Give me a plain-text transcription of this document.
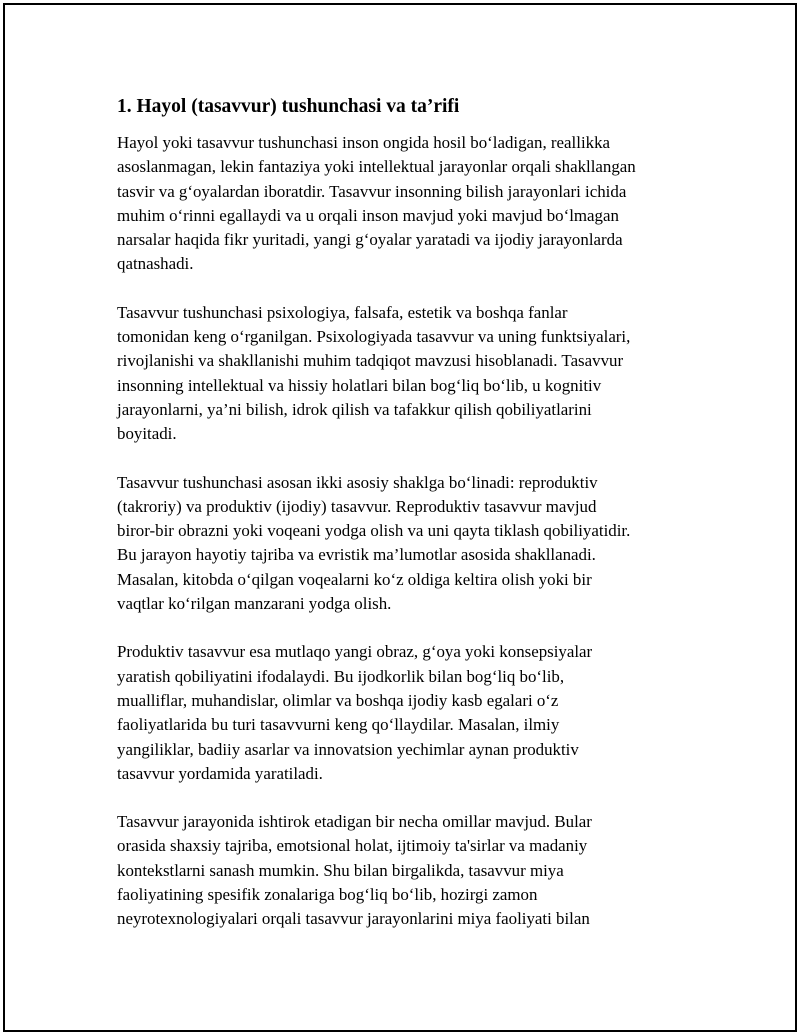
1. Hayol (tasavvur) tushunchasi va ta’rifi

Hayol yoki tasavvur tushunchasi inson ongida hosil bo‘ladigan, reallikka
asoslanmagan, lekin fantaziya yoki intellektual jarayonlar orqali shakllangan
tasvir va g‘oyalardan iboratdir. Tasavvur insonning bilish jarayonlari ichida
muhim o‘rinni egallaydi va u orqali inson mavjud yoki mavjud bo‘lmagan
narsalar haqida fikr yuritadi, yangi g‘oyalar yaratadi va ijodiy jarayonlarda
qatnashadi.

Tasavvur tushunchasi psixologiya, falsafa, estetik va boshqa fanlar
tomonidan keng o‘rganilgan. Psixologiyada tasavvur va uning funktsiyalari,
rivojlanishi va shakllanishi muhim tadqiqot mavzusi hisoblanadi. Tasavvur
insonning intellektual va hissiy holatlari bilan bog‘liq bo‘lib, u kognitiv
jarayonlarni, ya’ni bilish, idrok qilish va tafakkur qilish qobiliyatlarini
boyitadi.

Tasavvur tushunchasi asosan ikki asosiy shaklga bo‘linadi: reproduktiv
(takroriy) va produktiv (ijodiy) tasavvur. Reproduktiv tasavvur mavjud
biror-bir obrazni yoki voqeani yodga olish va uni qayta tiklash qobiliyatidir.
Bu jarayon hayotiy tajriba va evristik ma’lumotlar asosida shakllanadi.
Masalan, kitobda o‘qilgan voqealarni ko‘z oldiga keltira olish yoki bir
vaqtlar ko‘rilgan manzarani yodga olish.

Produktiv tasavvur esa mutlaqo yangi obraz, g‘oya yoki konsepsiyalar
yaratish qobiliyatini ifodalaydi. Bu ijodkorlik bilan bog‘liq bo‘lib,
mualliflar, muhandislar, olimlar va boshqa ijodiy kasb egalari o‘z
faoliyatlarida bu turi tasavvurni keng qo‘llaydilar. Masalan, ilmiy
yangiliklar, badiiy asarlar va innovatsion yechimlar aynan produktiv
tasavvur yordamida yaratiladi.

Tasavvur jarayonida ishtirok etadigan bir necha omillar mavjud. Bular
orasida shaxsiy tajriba, emotsional holat, ijtimoiy ta'sirlar va madaniy
kontekstlarni sanash mumkin. Shu bilan birgalikda, tasavvur miya
faoliyatining spesifik zonalariga bog‘liq bo‘lib, hozirgi zamon
neyrotexnologiyalari orqali tasavvur jarayonlarini miya faoliyati bilan
